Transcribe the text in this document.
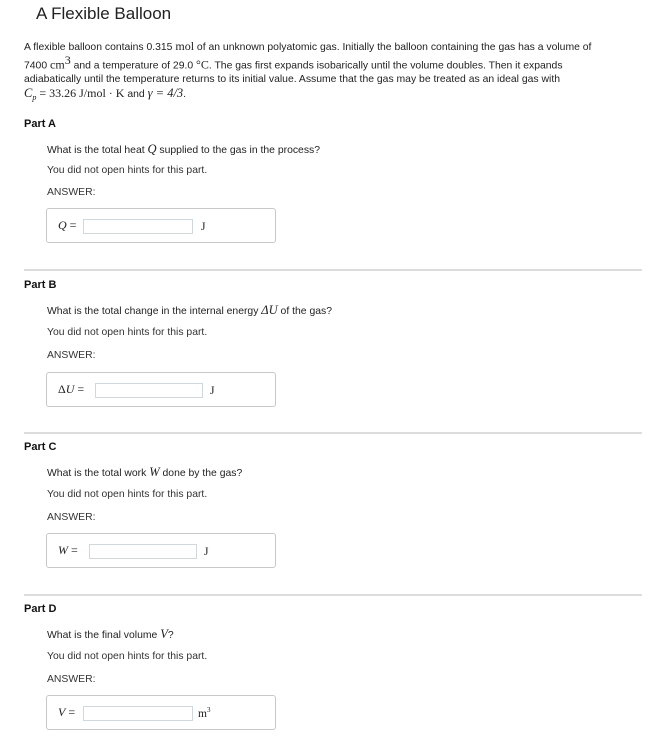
A Flexible Balloon
A flexible balloon contains 0.315 mol of an unknown polyatomic gas. Initially the balloon containing the gas has a volume of
7400 $cm^3$ and a temperature of 29.0 °C. The gas first expands isobarically until the volume doubles. Then it expands
adiabatically until the temperature returns to its initial value. Assume that the gas may be treated as an ideal gas with
$C_p = 33.26$ J/mol · K and γ = 4/3.
Part A
What is the total heat Q supplied to the gas in the process?
You did not open hints for this part.
ANSWER:
Q =	J
Part B
What is the total change in the internal energy ΔU of the gas?
You did not open hints for this part.
ANSWER:
ΔU =	J
Part C
What is the total work W done by the gas?
You did not open hints for this part.
ANSWER:
W =	J
Part D
What is the final volume V?
You did not open hints for this part.
ANSWER:
V =	$m^3$
